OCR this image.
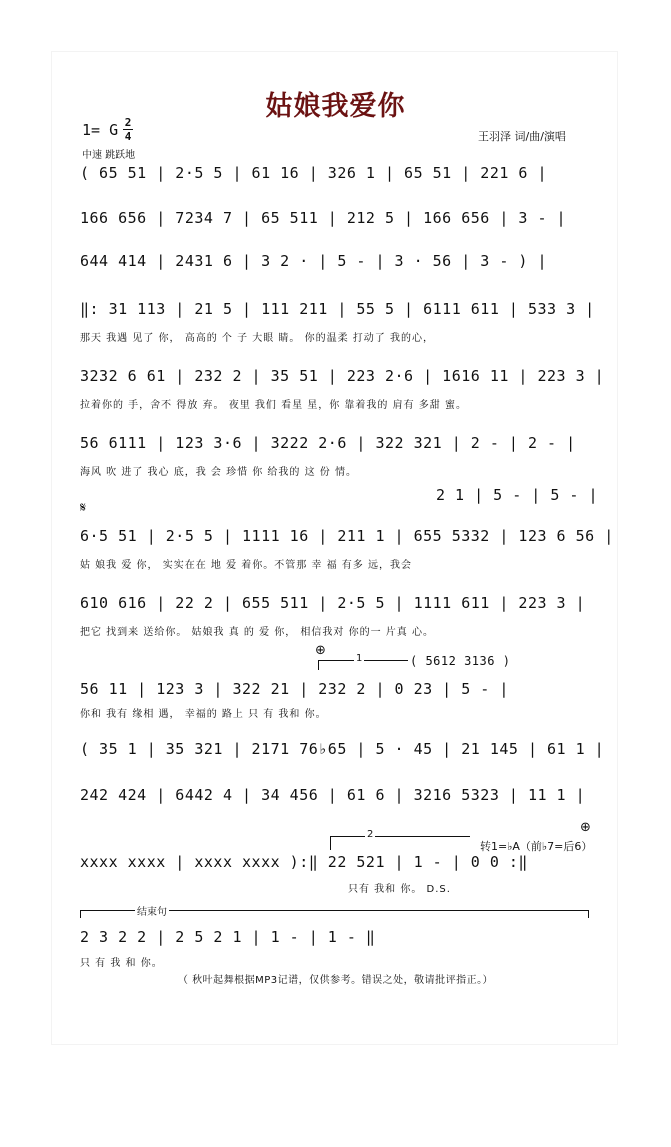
姑娘我爱你
1= G 2
4
中速 跳跃地
王羽泽 词/曲/演唱
( 65 51 | 2·5 5 | 61 16 | 326 1 | 65 51 | 221 6 |
166 656 | 7234 7 | 65 511 | 212 5 | 166 656 | 3 - |
644 414 | 2431 6 | 3 2 · | 5 - | 3 · 56 | 3 - ) |
‖: 31 113 | 21 5 | 111 211 | 55 5 | 6111 611 | 533 3 |
那天 我遇 见了 你， 高高的 个 子 大眼 睛。 你的温柔 打动了 我的心，
3232 6 61 | 232 2 | 35 51 | 223 2·6 | 1616 11 | 223 3 |
拉着你的 手，舍不 得放 弃。 夜里 我们 看星 星，你 靠着我的 肩有 多甜 蜜。
56 6111 | 123 3·6 | 3222 2·6 | 322 321 | 2 - | 2 - |
海风 吹 进了 我心 底，我 会 珍惜 你 给我的 这 份 情。
2 1 | 5 - | 5 - |
𝄋
6·5 51 | 2·5 5 | 1111 16 | 211 1 | 655 5332 | 123 6 56 |
姑 娘我 爱 你， 实实在在 地 爱 着你。不管那 幸 福 有多 远，我会
610 616 | 22 2 | 655 511 | 2·5 5 | 1111 611 | 223 3 |
把它 找到来 送给你。 姑娘我 真 的 爱 你， 相信我对 你的一 片真 心。
⊕
1	( 5612 3136 )
56 11 | 123 3 | 322 21 | 232 2 | 0 23 | 5 - |
你和 我有 缘相 遇， 幸福的 路上 只 有 我和 你。
( 35 1 | 35 321 | 2171 76♭65 | 5 · 45 | 21 145 | 61 1 |
242 424 | 6442 4 | 34 456 | 61 6 | 3216 5323 | 11 1 |
2	⊕
转1=♭A（前♭7=后6）
xxxx xxxx | xxxx xxxx ):‖ 22 521 | 1 - | 0 0 :‖
只有 我和 你。 D.S.
结束句
2 3 2 2 | 2 5 2 1 | 1 - | 1 - ‖
只 有 我 和 你。
（ 秋叶起舞根据MP3记谱，仅供参考。错误之处，敬请批评指正。）
